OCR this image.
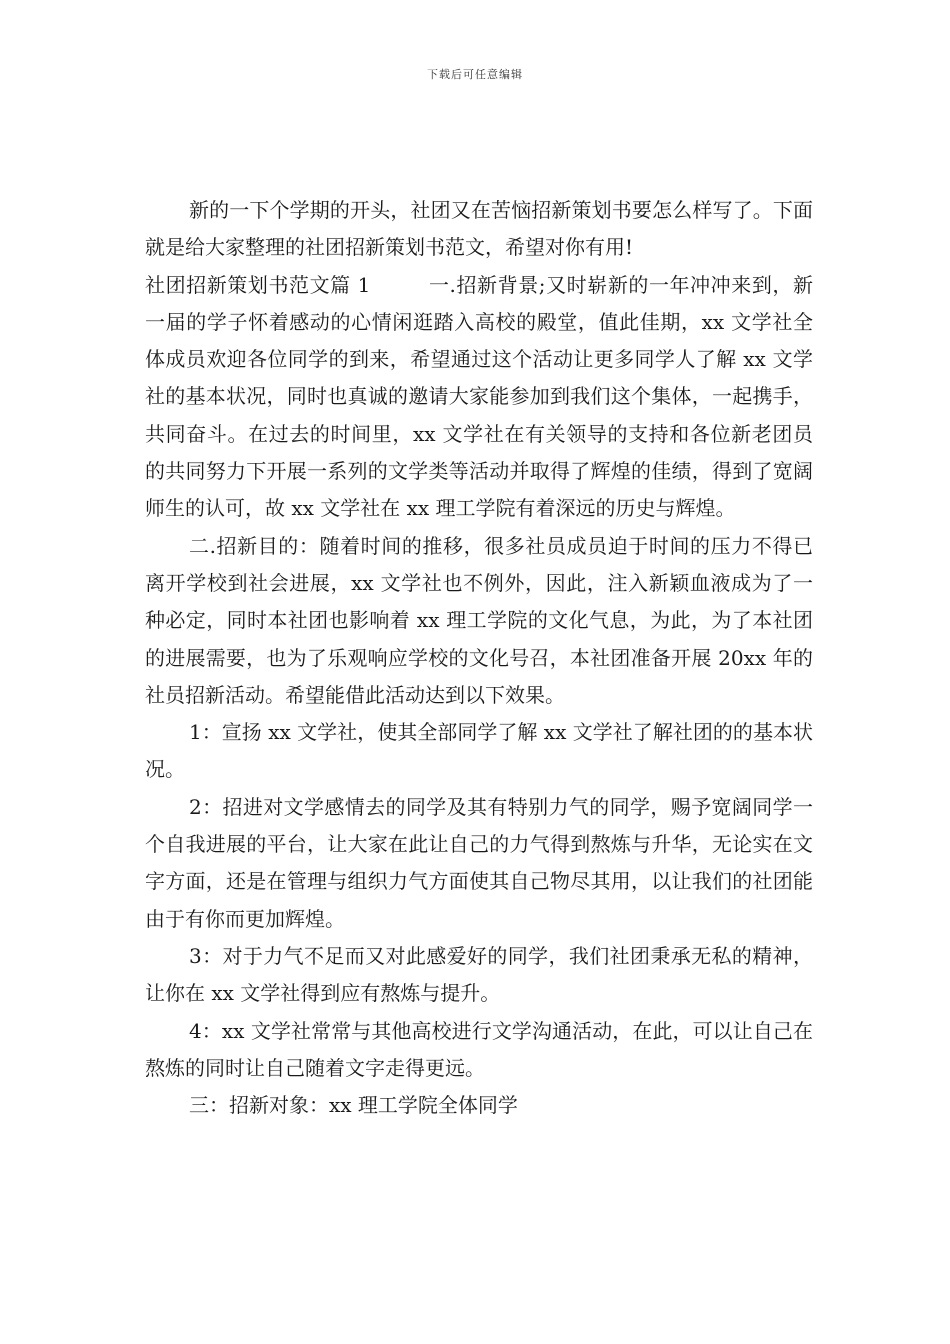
下载后可任意编辑

新的一下个学期的开头，社团又在苦恼招新策划书要怎么样写了。下面就是给大家整理的社团招新策划书范文，希望对你有用!

社团招新策划书范文篇 1	一.招新背景;又时崭新的一年冲冲来到，新一届的学子怀着感动的心情闲逛踏入高校的殿堂，值此佳期，xx 文学社全体成员欢迎各位同学的到来，希望通过这个活动让更多同学人了解 xx 文学社的基本状况，同时也真诚的邀请大家能参加到我们这个集体，一起携手，共同奋斗。在过去的时间里，xx 文学社在有关领导的支持和各位新老团员的共同努力下开展一系列的文学类等活动并取得了辉煌的佳绩，得到了宽阔师生的认可，故 xx 文学社在 xx 理工学院有着深远的历史与辉煌。

二.招新目的：随着时间的推移，很多社员成员迫于时间的压力不得已离开学校到社会进展，xx 文学社也不例外，因此，注入新颖血液成为了一种必定，同时本社团也影响着 xx 理工学院的文化气息，为此，为了本社团的进展需要，也为了乐观响应学校的文化号召，本社团准备开展 20xx 年的社员招新活动。希望能借此活动达到以下效果。

1：宣扬 xx 文学社，使其全部同学了解 xx 文学社了解社团的的基本状况。

2：招进对文学感情去的同学及其有特别力气的同学，赐予宽阔同学一个自我进展的平台，让大家在此让自己的力气得到熬炼与升华，无论实在文字方面，还是在管理与组织力气方面使其自己物尽其用，以让我们的社团能由于有你而更加辉煌。

3：对于力气不足而又对此感爱好的同学，我们社团秉承无私的精神，让你在 xx 文学社得到应有熬炼与提升。

4：xx 文学社常常与其他高校进行文学沟通活动，在此，可以让自己在熬炼的同时让自己随着文字走得更远。

三：招新对象：xx 理工学院全体同学
